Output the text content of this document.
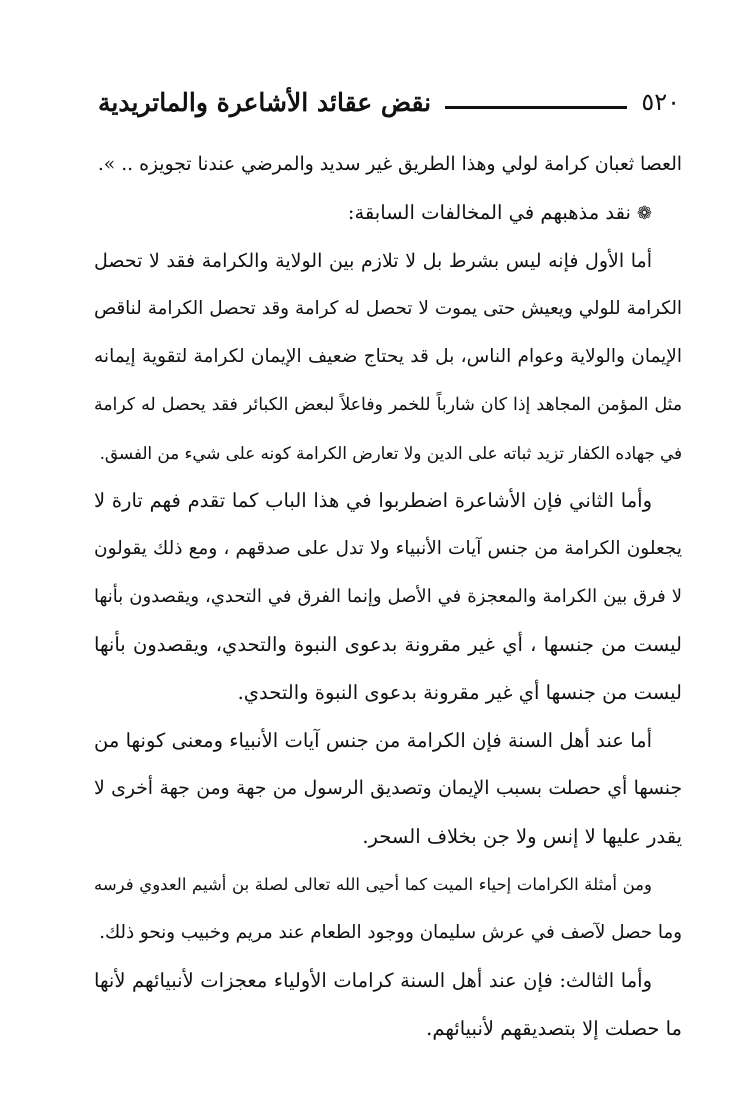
٥٢٠
نقض عقائد الأشاعرة والماتريدية
العصا ثعبان كرامة لولي وهذا الطريق غير سديد والمرضي عندنا تجويزه .. ».
❁نقد مذهبهم في المخالفات السابقة:
أما الأول فإنه ليس بشرط بل لا تلازم بين الولاية والكرامة فقد لا تحصل
الكرامة للولي ويعيش حتى يموت لا تحصل له كرامة وقد تحصل الكرامة لناقص
الإيمان والولاية وعوام الناس، بل قد يحتاج ضعيف الإيمان لكرامة لتقوية إيمانه
مثل المؤمن المجاهد إذا كان شارباً للخمر وفاعلاً لبعض الكبائر فقد يحصل له كرامة
في جهاده الكفار تزيد ثباته على الدين ولا تعارض الكرامة كونه على شيء من الفسق.
وأما الثاني فإن الأشاعرة اضطربوا في هذا الباب كما تقدم فهم تارة لا
يجعلون الكرامة من جنس آيات الأنبياء ولا تدل على صدقهم ، ومع ذلك يقولون
لا فرق بين الكرامة والمعجزة في الأصل وإنما الفرق في التحدي، ويقصدون بأنها
ليست من جنسها ، أي غير مقرونة بدعوى النبوة والتحدي، ويقصدون بأنها
ليست من جنسها أي غير مقرونة بدعوى النبوة والتحدي.
أما عند أهل السنة فإن الكرامة من جنس آيات الأنبياء ومعنى كونها من
جنسها أي حصلت بسبب الإيمان وتصديق الرسول من جهة ومن جهة أخرى لا
يقدر عليها لا إنس ولا جن بخلاف السحر.
ومن أمثلة الكرامات إحياء الميت كما أحيى الله تعالى لصلة بن أشيم العدوي فرسه
وما حصل لآصف في عرش سليمان ووجود الطعام عند مريم وخبيب ونحو ذلك.
وأما الثالث: فإن عند أهل السنة كرامات الأولياء معجزات لأنبيائهم لأنها
ما حصلت إلا بتصديقهم لأنبيائهم.
